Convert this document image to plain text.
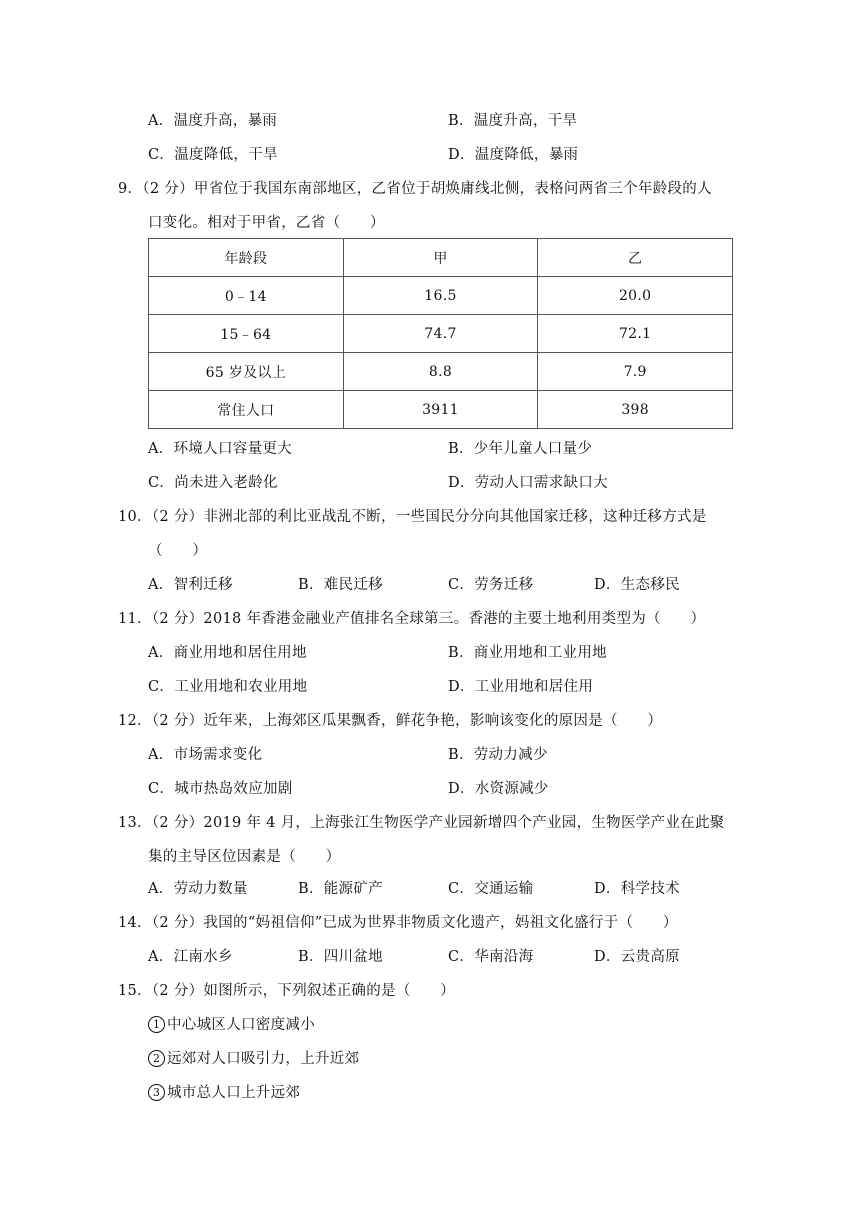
A．温度升高，暴雨	B．温度升高，干旱
C．温度降低，干旱	D．温度降低，暴雨
9．（2 分）甲省位于我国东南部地区，乙省位于胡焕庸线北侧，表格问两省三个年龄段的人
口变化。相对于甲省，乙省（　　）
年龄段	甲	乙
0﹣14	16.5	20.0
15﹣64	74.7	72.1
65 岁及以上	8.8	7.9
常住人口	3911	398
A．环境人口容量更大	B．少年儿童人口量少
C．尚未进入老龄化	D．劳动人口需求缺口大
10．（2 分）非洲北部的利比亚战乱不断，一些国民分分向其他国家迁移，这种迁移方式是
（　　）
A．智利迁移	B．难民迁移	C．劳务迁移	D．生态移民
11．（2 分）2018 年香港金融业产值排名全球第三。香港的主要土地利用类型为（　　）
A．商业用地和居住用地	B．商业用地和工业用地
C．工业用地和农业用地	D．工业用地和居住用
12．（2 分）近年来，上海郊区瓜果飘香，鲜花争艳，影响该变化的原因是（　　）
A．市场需求变化	B．劳动力减少
C．城市热岛效应加剧	D．水资源减少
13．（2 分）2019 年 4 月，上海张江生物医学产业园新增四个产业园，生物医学产业在此聚
集的主导区位因素是（　　）
A．劳动力数量	B．能源矿产	C．交通运输	D．科学技术
14．（2 分）我国的“妈祖信仰”已成为世界非物质文化遗产，妈祖文化盛行于（　　）
A．江南水乡	B．四川盆地	C．华南沿海	D．云贵高原
15．（2 分）如图所示，下列叙述正确的是（　　）
1 中心城区人口密度减小
2 远郊对人口吸引力，上升近郊
3 城市总人口上升远郊
